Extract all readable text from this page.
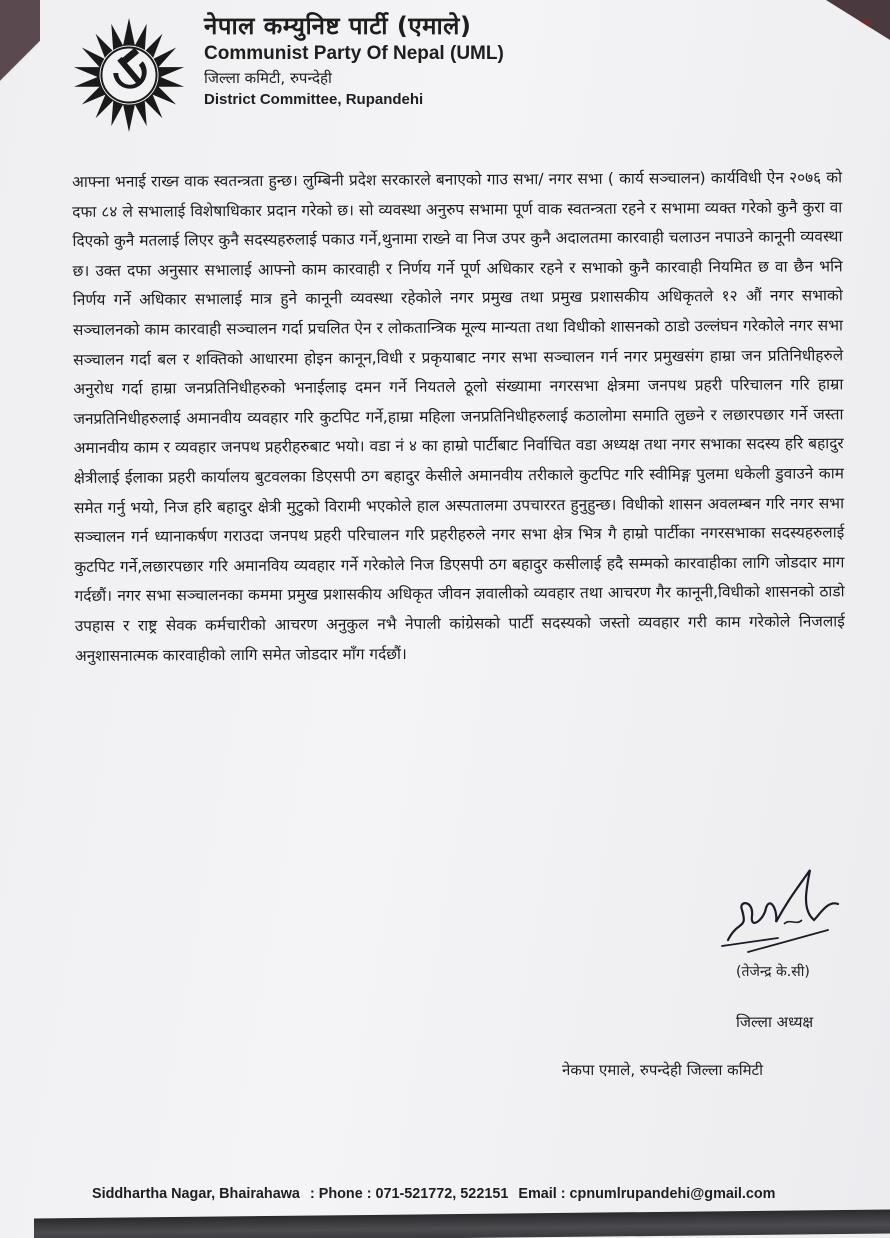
नेपाल कम्युनिष्ट पार्टी (एमाले)
Communist Party Of Nepal (UML)
जिल्ला कमिटी, रुपन्देही
District Committee, Rupandehi
आफ्ना भनाई राख्न वाक स्वतन्त्रता हुन्छ। लुम्बिनी प्रदेश सरकारले बनाएको गाउ सभा/ नगर सभा ( कार्य सञ्चालन) कार्यविधी ऐन २०७६ को दफा ८४ ले सभालाई विशेषाधिकार प्रदान गरेको छ। सो व्यवस्था अनुरुप सभामा पूर्ण वाक स्वतन्त्रता रहने र सभामा व्यक्त गरेको कुनै कुरा वा दिएको कुनै मतलाई लिएर कुनै सदस्यहरुलाई पकाउ गर्ने,थुनामा राख्ने वा निज उपर कुनै अदालतमा कारवाही चलाउन नपाउने कानूनी व्यवस्था छ। उक्त दफा अनुसार सभालाई आफ्नो काम कारवाही र निर्णय गर्ने पूर्ण अधिकार रहने र सभाको कुनै कारवाही नियमित छ वा छैन भनि निर्णय गर्ने अधिकार सभालाई मात्र हुने कानूनी व्यवस्था रहेकोले नगर प्रमुख तथा प्रमुख प्रशासकीय अधिकृतले १२ औं नगर सभाको सञ्चालनको काम कारवाही सञ्चालन गर्दा प्रचलित ऐन र लोकतान्त्रिक मूल्य मान्यता तथा विधीको शासनको ठाडो उल्लंघन गरेकोले नगर सभा सञ्चालन गर्दा बल र शक्तिको आधारमा होइन कानून,विधी र प्रकृयाबाट नगर सभा सञ्चालन गर्न नगर प्रमुखसंग हाम्रा जन प्रतिनिधीहरुले अनुरोध गर्दा हाम्रा जनप्रतिनिधीहरुको भनाईलाइ दमन गर्ने नियतले ठूलो संख्यामा नगरसभा क्षेत्रमा जनपथ प्रहरी परिचालन गरि हाम्रा जनप्रतिनिधीहरुलाई अमानवीय व्यवहार गरि कुटपिट गर्ने,हाम्रा महिला जनप्रतिनिधीहरुलाई कठालोमा समाति लुछ्ने र लछारपछार गर्ने जस्ता अमानवीय काम र व्यवहार जनपथ प्रहरीहरुबाट भयो। वडा नं ४ का हाम्रो पार्टीबाट निर्वाचित वडा अध्यक्ष तथा नगर सभाका सदस्य हरि बहादुर क्षेत्रीलाई ईलाका प्रहरी कार्यालय बुटवलका डिएसपी ठग बहादुर केसीले अमानवीय तरीकाले कुटपिट गरि स्वीमिङ्ग पुलमा धकेली डुवाउने काम समेत गर्नु भयो, निज हरि बहादुर क्षेत्री मुटुको विरामी भएकोले हाल अस्पतालमा उपचाररत हुनुहुन्छ। विधीको शासन अवलम्बन गरि नगर सभा सञ्चालन गर्न ध्यानाकर्षण गराउदा जनपथ प्रहरी परिचालन गरि प्रहरीहरुले नगर सभा क्षेत्र भित्र गै हाम्रो पार्टीका नगरसभाका सदस्यहरुलाई कुटपिट गर्ने,लछारपछार गरि अमानविय व्यवहार गर्ने गरेकोले निज डिएसपी ठग बहादुर कसीलाई हदै सम्मको कारवाहीका लागि जोडदार माग गर्दछौं। नगर सभा सञ्चालनका कममा प्रमुख प्रशासकीय अधिकृत जीवन ज्ञवालीको व्यवहार तथा आचरण गैर कानूनी,विधीको शासनको ठाडो उपहास र राष्ट्र सेवक कर्मचारीको आचरण अनुकुल नभै नेपाली कांग्रेसको पार्टी सदस्यको जस्तो व्यवहार गरी काम गरेकोले निजलाई अनुशासनात्मक कारवाहीको लागि समेत जोडदार माँग गर्दछौं।
(तेजेन्द्र के.सी)
जिल्ला अध्यक्ष
नेकपा एमाले, रुपन्देही जिल्ला कमिटी
Siddhartha Nagar, Bhairahawa : Phone : 071-521772, 522151 Email : cpnumlrupandehi@gmail.com
